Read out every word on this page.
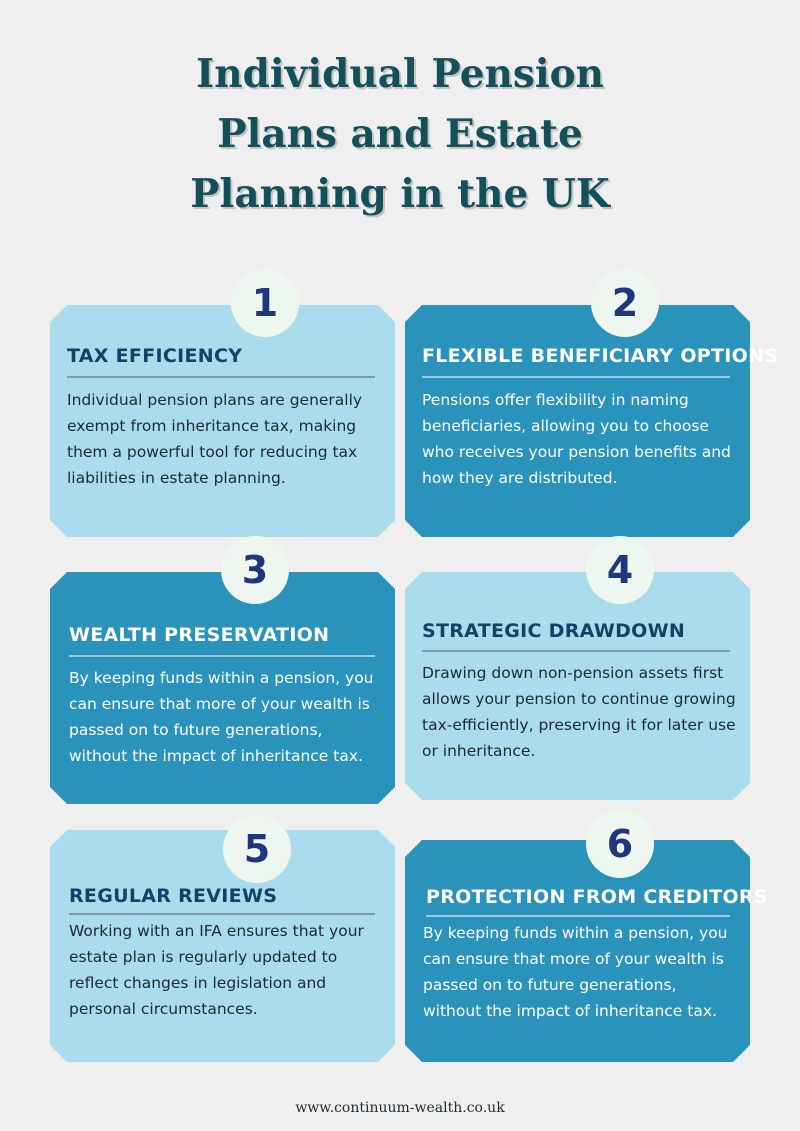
Individual Pension
Plans and Estate
Planning in the UK
1
TAX EFFICIENCY
Individual pension plans are generally exempt from inheritance tax, making them a powerful tool for reducing tax liabilities in estate planning.
2
FLEXIBLE BENEFICIARY OPTIONS
Pensions offer flexibility in naming beneficiaries, allowing you to choose who receives your pension benefits and how they are distributed.
3
WEALTH PRESERVATION
By keeping funds within a pension, you can ensure that more of your wealth is passed on to future generations, without the impact of inheritance tax.
4
STRATEGIC DRAWDOWN
Drawing down non-pension assets first allows your pension to continue growing tax-efficiently, preserving it for later use or inheritance.
5
REGULAR REVIEWS
Working with an IFA ensures that your estate plan is regularly updated to reflect changes in legislation and personal circumstances.
6
PROTECTION FROM CREDITORS
By keeping funds within a pension, you can ensure that more of your wealth is passed on to future generations, without the impact of inheritance tax.
www.continuum-wealth.co.uk
